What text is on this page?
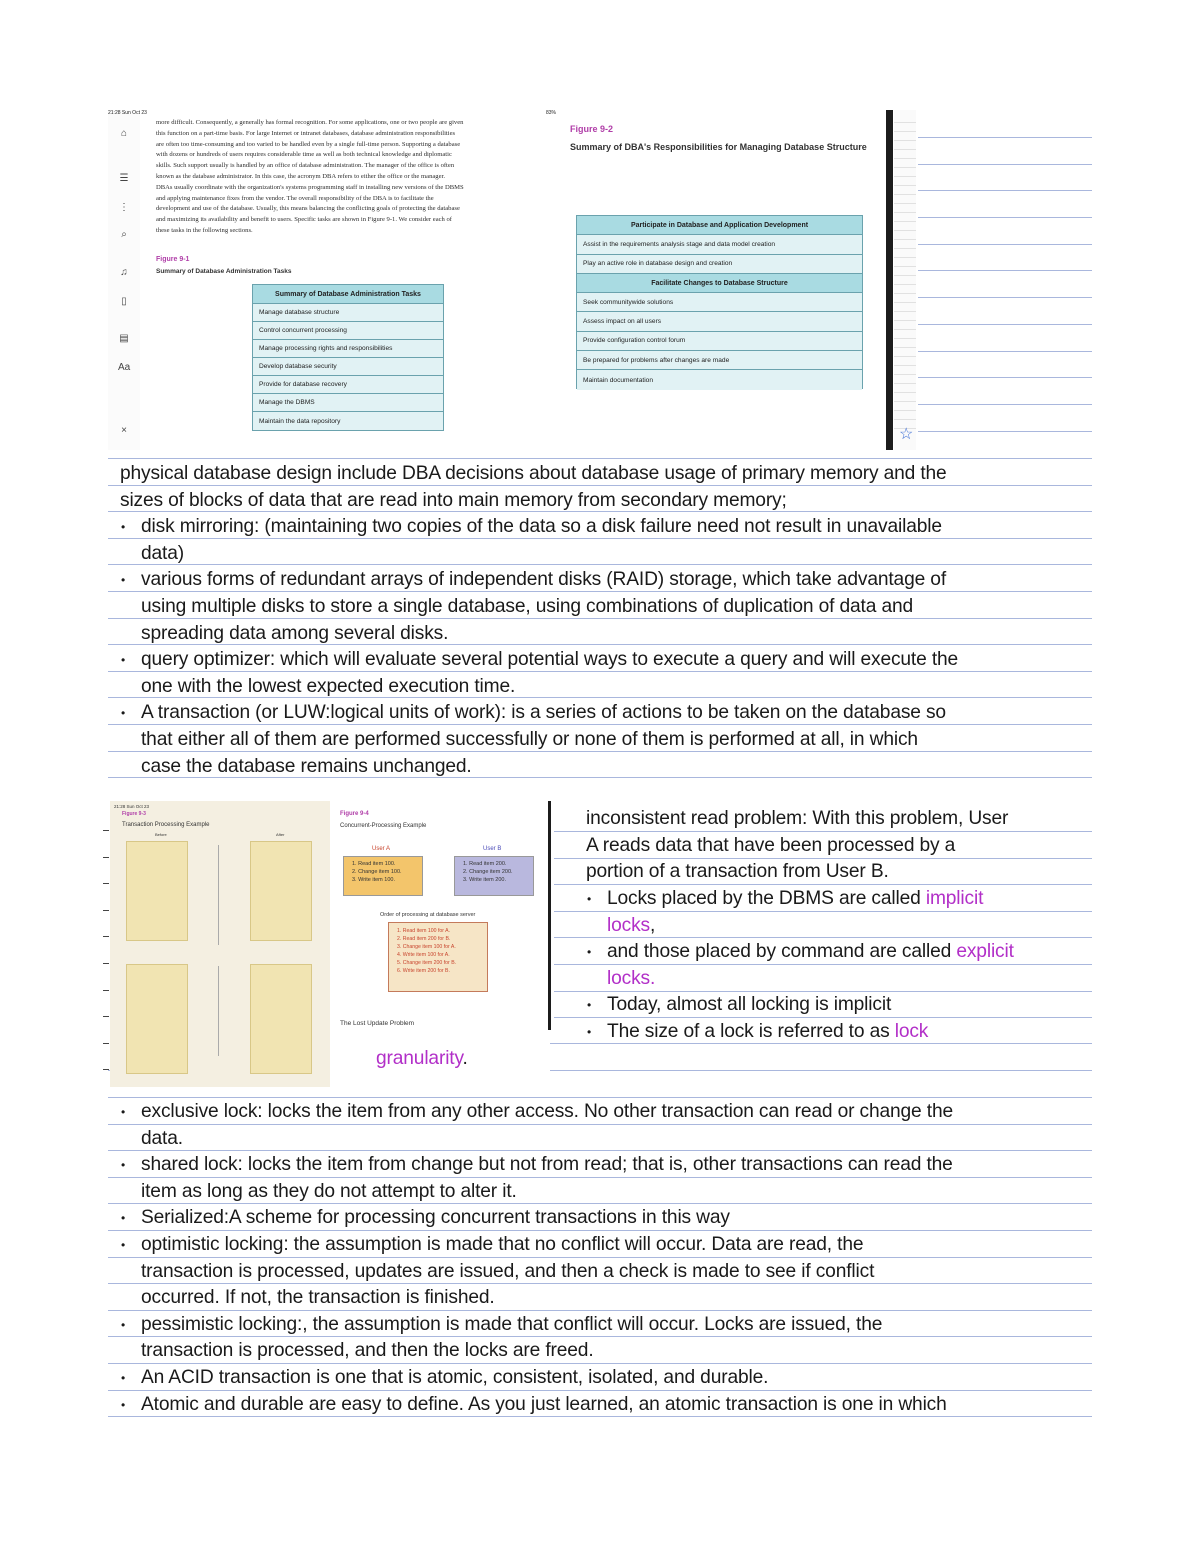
21:28 Sun Oct 23	83%
⌂
☰
⋮
⌕
♫
▯
▤
Aa
×
more difficult. Consequently, a generally has formal recognition. For some applications, one or two people are given
this function on a part-time basis. For large Internet or intranet databases, database administration responsibilities
are often too time-consuming and too varied to be handled even by a single full-time person. Supporting a database
with dozens or hundreds of users requires considerable time as well as both technical knowledge and diplomatic
skills. Such support usually is handled by an office of database administration. The manager of the office is often
known as the database administrator. In this case, the acronym DBA refers to either the office or the manager.
DBAs usually coordinate with the organization's systems programming staff in installing new versions of the DBMS
and applying maintenance fixes from the vendor. The overall responsibility of the DBA is to facilitate the
development and use of the database. Usually, this means balancing the conflicting goals of protecting the database
and maximizing its availability and benefit to users. Specific tasks are shown in Figure 9-1. We consider each of
these tasks in the following sections.
Figure 9-1
Summary of Database Administration Tasks
Summary of Database Administration Tasks
Manage database structure
Control concurrent processing
Manage processing rights and responsibilities
Develop database security
Provide for database recovery
Manage the DBMS
Maintain the data repository
Figure 9-2
Summary of DBA's Responsibilities for Managing Database Structure
Participate in Database and Application Development
Assist in the requirements analysis stage and data model creation
Play an active role in database design and creation
Facilitate Changes to Database Structure
Seek communitywide solutions
Assess impact on all users
Provide configuration control forum
Be prepared for problems after changes are made
Maintain documentation
☆
physical database design include DBA decisions about database usage of primary memory and the
sizes of blocks of data that are read into main memory from secondary memory;
• disk mirroring: (maintaining two copies of the data so a disk failure need not result in unavailable
data)
• various forms of redundant arrays of independent disks (RAID) storage, which take advantage of
using multiple disks to store a single database, using combinations of duplication of data and
spreading data among several disks.
• query optimizer: which will evaluate several potential ways to execute a query and will execute the
one with the lowest expected execution time.
• A transaction (or LUW:logical units of work): is a series of actions to be taken on the database so
that either all of them are performed successfully or none of them is performed at all, in which
case the database remains unchanged.
21:28 Sun Oct 23
Figure 9-3
Transaction Processing Example
Before	After
Figure 9-4
Concurrent-Processing Example
User A
1. Read item 100.
2. Change item 100.
3. Write item 100.
User B
1. Read item 200.
2. Change item 200.
3. Write item 200.
Order of processing at database server
1. Read item 100 for A.
2. Read item 200 for B.
3. Change item 100 for A.
4. Write item 100 for A.
5. Change item 200 for B.
6. Write item 200 for B.
The Lost Update Problem
inconsistent read problem: With this problem, User
A reads data that have been processed by a
portion of a transaction from User B.
• Locks placed by the DBMS are called implicit
locks,
• and those placed by command are called explicit
locks.
• Today, almost all locking is implicit
• The size of a lock is referred to as lock
granularity.
• exclusive lock: locks the item from any other access. No other transaction can read or change the
data.
• shared lock: locks the item from change but not from read; that is, other transactions can read the
item as long as they do not attempt to alter it.
• Serialized:A scheme for processing concurrent transactions in this way
• optimistic locking: the assumption is made that no conflict will occur. Data are read, the
transaction is processed, updates are issued, and then a check is made to see if conflict
occurred. If not, the transaction is finished.
• pessimistic locking:, the assumption is made that conflict will occur. Locks are issued, the
transaction is processed, and then the locks are freed.
• An ACID transaction is one that is atomic, consistent, isolated, and durable.
• Atomic and durable are easy to define. As you just learned, an atomic transaction is one in which
